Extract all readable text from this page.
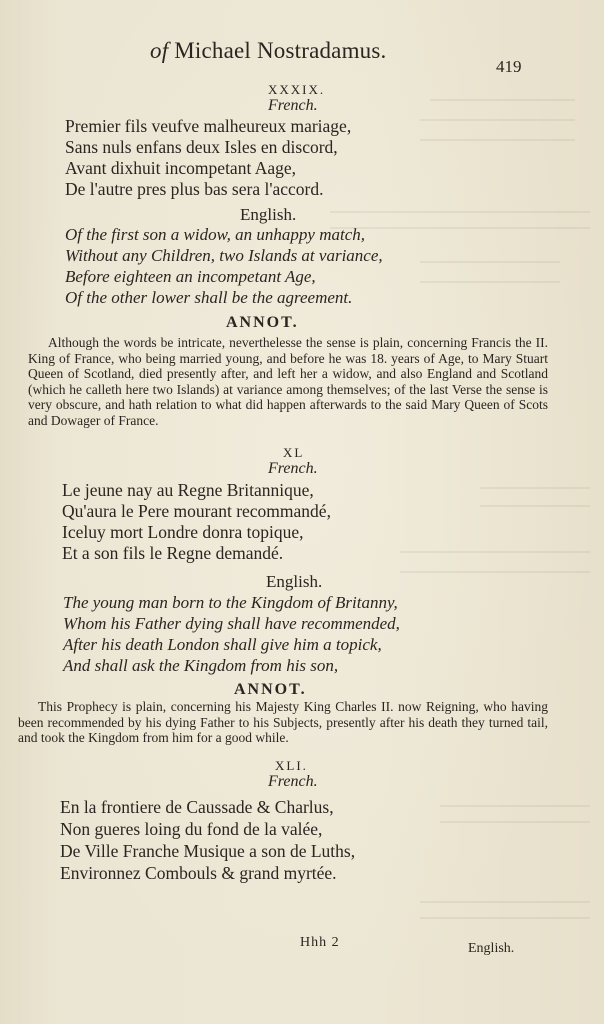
of Michael Nostradamus.
419
XXXIX.
French.
Premier fils veufve malheureux mariage,
Sans nuls enfans deux Isles en discord,
Avant dixhuit incompetant Aage,
De l'autre pres plus bas sera l'accord.
English.
Of the first son a widow, an unhappy match,
Without any Children, two Islands at variance,
Before eighteen an incompetant Age,
Of the other lower shall be the agreement.
ANNOT.

Although the words be intricate, neverthelesse the sense is plain, concerning Francis the II. King of France, who being married young, and before he was 18. years of Age, to Mary Stuart Queen of Scotland, died presently after, and left her a widow, and also England and Scotland (which he calleth here two Islands) at variance among themselves; of the last Verse the sense is very obscure, and hath relation to what did happen afterwards to the said Mary Queen of Scots and Dowager of France.

XL
French.
Le jeune nay au Regne Britannique,
Qu'aura le Pere mourant recommandé,
Iceluy mort Londre donra topique,
Et a son fils le Regne demandé.
English.
The young man born to the Kingdom of Britanny,
Whom his Father dying shall have recommended,
After his death London shall give him a topick,
And shall ask the Kingdom from his son,
ANNOT.

This Prophecy is plain, concerning his Majesty King Charles II. now Reigning, who having been recommended by his dying Father to his Subjects, presently after his death they turned tail, and took the Kingdom from him for a good while.

XLI.
French.
En la frontiere de Caussade & Charlus,
Non gueres loing du fond de la valée,
De Ville Franche Musique a son de Luths,
Environnez Combouls & grand myrtée.
Hhh 2	English.
